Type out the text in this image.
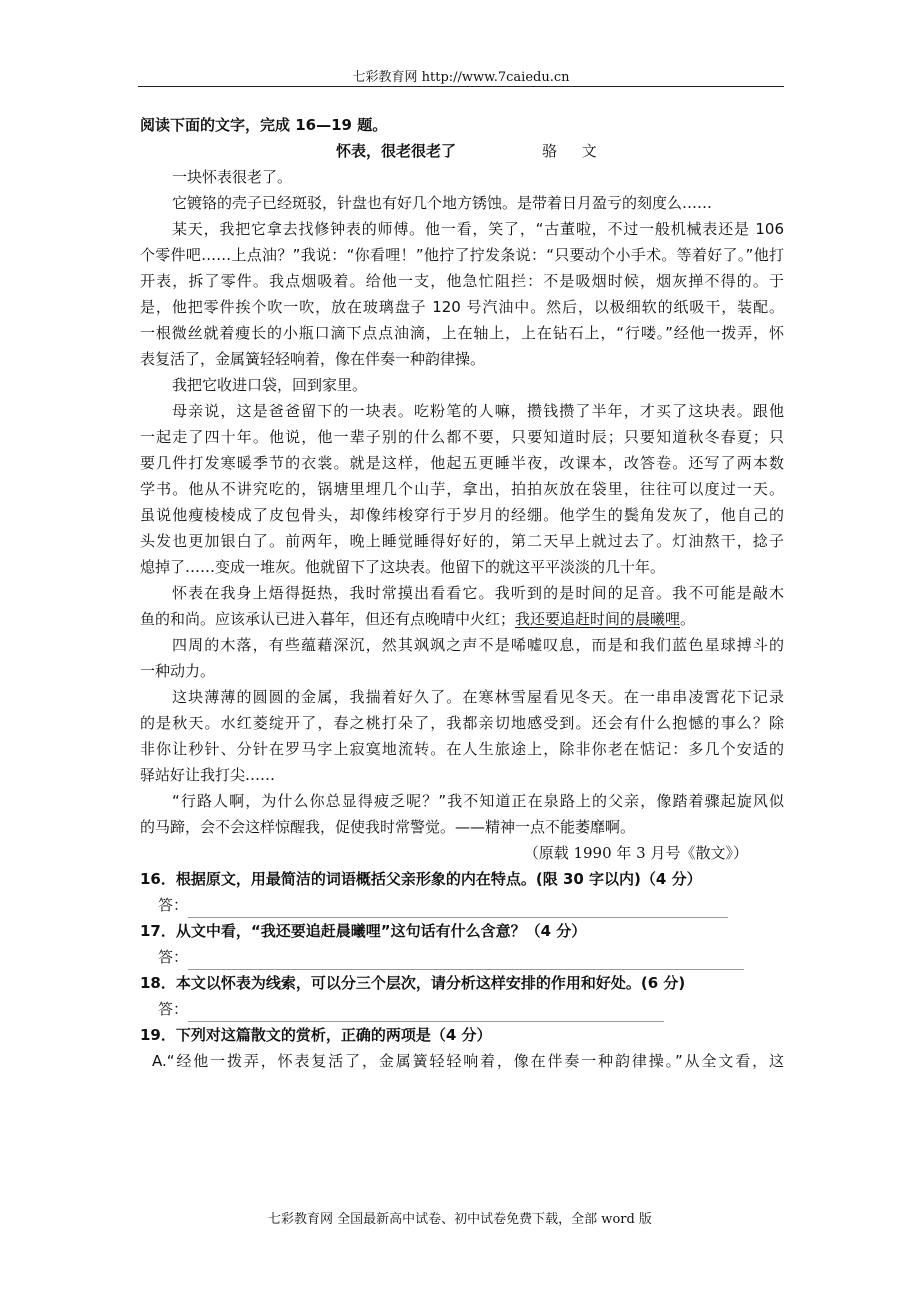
七彩教育网 http://www.7caiedu.cn
阅读下面的文字，完成 16—19 题。
怀表，很老很老了	骆 文
一块怀表很老了。
它镀铬的壳子已经斑驳，针盘也有好几个地方锈蚀。是带着日月盈亏的刻度么……
某天，我把它拿去找修钟表的师傅。他一看，笑了，“古董啦，不过一般机械表还是 106
个零件吧……上点油？”我说：“你看哩！”他拧了拧发条说：“只要动个小手术。等着好了。”他打
开表，拆了零件。我点烟吸着。给他一支，他急忙阻拦：不是吸烟时候，烟灰掸不得的。于
是，他把零件挨个吹一吹，放在玻璃盘子 120 号汽油中。然后，以极细软的纸吸干，装配。
一根微丝就着瘦长的小瓶口滴下点点油滴，上在轴上，上在钻石上，“行喽。”经他一拨弄，怀
表复活了，金属簧轻轻响着，像在伴奏一种韵律操。
我把它收进口袋，回到家里。
母亲说，这是爸爸留下的一块表。吃粉笔的人嘛，攒钱攒了半年，才买了这块表。跟他
一起走了四十年。他说，他一辈子别的什么都不要，只要知道时辰；只要知道秋冬春夏；只
要几件打发寒暖季节的衣裳。就是这样，他起五更睡半夜，改课本，改答卷。还写了两本数
学书。他从不讲究吃的，锅塘里埋几个山芋，拿出，拍拍灰放在袋里，往往可以度过一天。
虽说他瘦棱棱成了皮包骨头，却像纬梭穿行于岁月的经绷。他学生的鬓角发灰了，他自己的
头发也更加银白了。前两年，晚上睡觉睡得好好的，第二天早上就过去了。灯油熬干，捻子
熄掉了……变成一堆灰。他就留下了这块表。他留下的就这平平淡淡的几十年。
怀表在我身上焐得挺热，我时常摸出看看它。我听到的是时间的足音。我不可能是敲木
鱼的和尚。应该承认已进入暮年，但还有点晚晴中火红；我还要追赶时间的晨曦哩。
四周的木落，有些蕴藉深沉，然其飒飒之声不是唏嘘叹息，而是和我们蓝色星球搏斗的
一种动力。
这块薄薄的圆圆的金属，我揣着好久了。在寒林雪屋看见冬天。在一串串凌霄花下记录
的是秋天。水红菱绽开了，春之桃打朵了，我都亲切地感受到。还会有什么抱憾的事么？除
非你让秒针、分针在罗马字上寂寞地流转。在人生旅途上，除非你老在惦记：多几个安适的
驿站好让我打尖……
“行路人啊，为什么你总显得疲乏呢？”我不知道正在泉路上的父亲，像踏着骤起旋风似
的马蹄，会不会这样惊醒我，促使我时常警觉。——精神一点不能萎靡啊。
（原载 1990 年 3 月号《散文》）
16．根据原文，用最简洁的词语概括父亲形象的内在特点。(限 30 字以内)（4 分）
答：
17．从文中看，“我还要追赶晨曦哩”这句话有什么含意？（4 分）
答：
18．本文以怀表为线索，可以分三个层次，请分析这样安排的作用和好处。(6 分)
答：
19．下列对这篇散文的赏析，正确的两项是（4 分）
A.“经他一拨弄，怀表复活了，金属簧轻轻响着，像在伴奏一种韵律操。”从全文看，这
七彩教育网 全国最新高中试卷、初中试卷免费下载，全部 word 版
